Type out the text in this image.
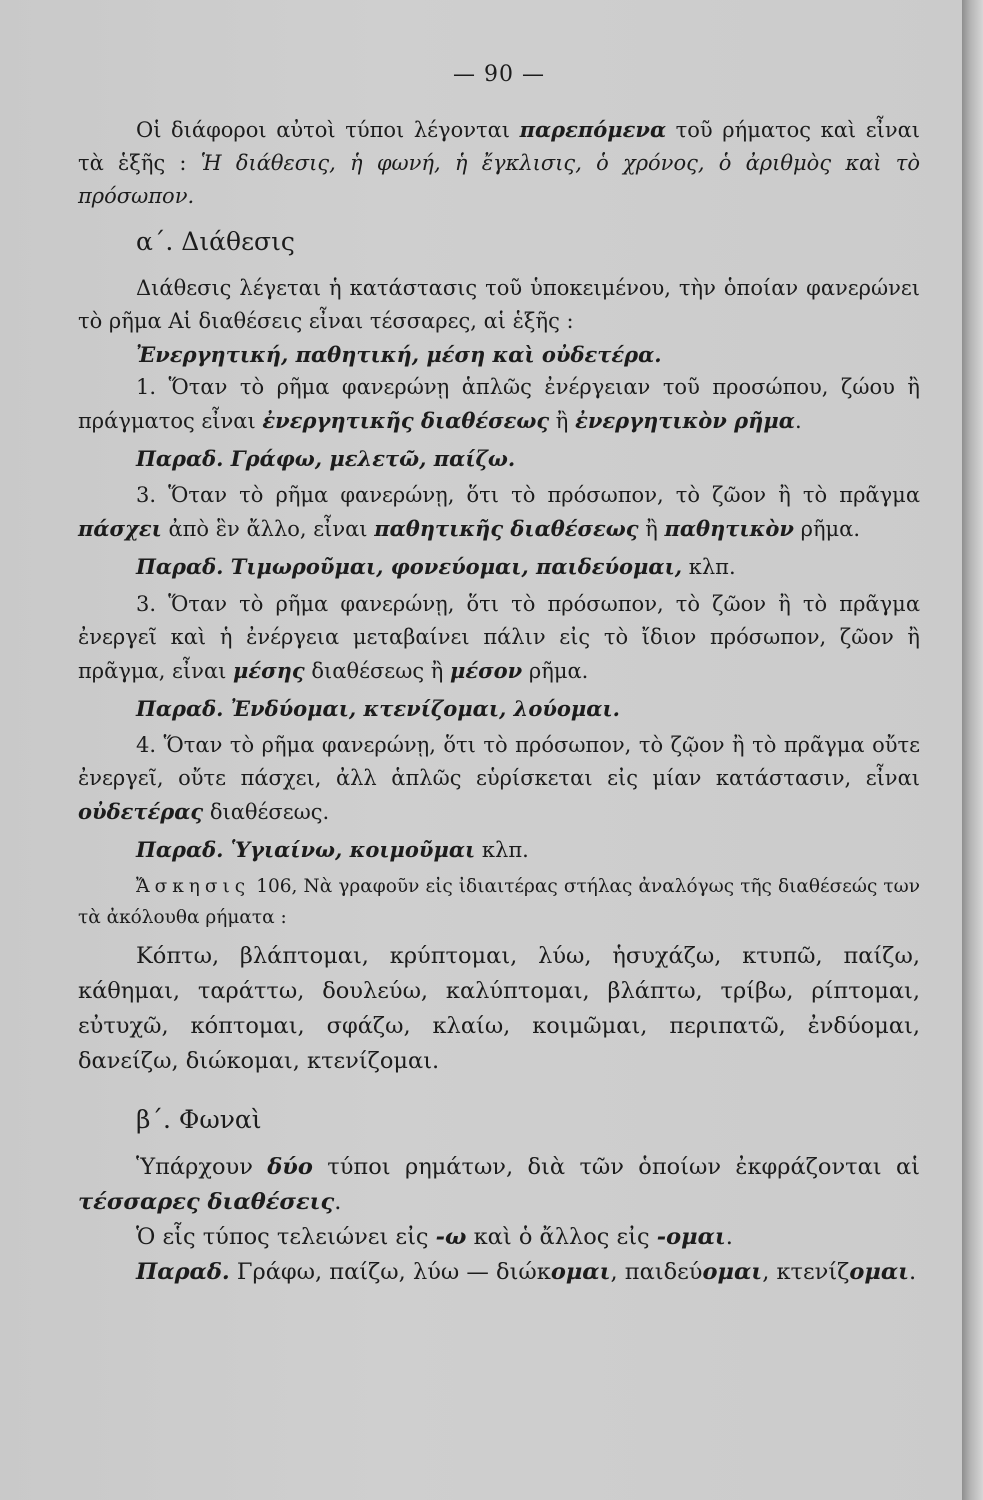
— 90 —

Οἱ διάφοροι αὐτοὶ τύποι λέγονται παρεπόμενα τοῦ ρήματος καὶ εἶναι τὰ ἑξῆς : Ἡ διάθεσις, ἡ φωνή, ἡ ἔγκλισις, ὁ χρόνος, ὁ ἀριθμὸς καὶ τὸ πρόσωπον.

α΄. Διάθεσις

Διάθεσις λέγεται ἡ κατάστασις τοῦ ὑποκειμένου, τὴν ὁποίαν φανερώνει τὸ ρῆμα Αἱ διαθέσεις εἶναι τέσσαρες, αἱ ἑξῆς :

Ἐνεργητική, παθητική, μέση καὶ οὐδετέρα.

1. Ὅταν τὸ ρῆμα φανερώνῃ ἁπλῶς ἐνέργειαν τοῦ προσώπου, ζώου ἢ πράγματος εἶναι ἐνεργητικῆς διαθέσεως ἢ ἐνεργητικὸν ρῆμα.

Παραδ. Γράφω, μελετῶ, παίζω.

3. Ὅταν τὸ ρῆμα φανερώνῃ, ὅτι τὸ πρόσωπον, τὸ ζῶον ἢ τὸ πρᾶγμα πάσχει ἀπὸ ἓν ἄλλο, εἶναι παθητικῆς διαθέσεως ἢ παθητικὸν ρῆμα.

Παραδ. Τιμωροῦμαι, φονεύομαι, παιδεύομαι, κλπ.

3. Ὅταν τὸ ρῆμα φανερώνῃ, ὅτι τὸ πρόσωπον, τὸ ζῶον ἢ τὸ πρᾶγμα ἐνεργεῖ καὶ ἡ ἐνέργεια μεταβαίνει πάλιν εἰς τὸ ἴδιον πρόσωπον, ζῶον ἢ πρᾶγμα, εἶναι μέσης διαθέσεως ἢ μέσον ρῆμα.

Παραδ. Ἐνδύομαι, κτενίζομαι, λούομαι.

4. Ὅταν τὸ ρῆμα φανερώνῃ, ὅτι τὸ πρόσωπον, τὸ ζῷον ἢ τὸ πρᾶγμα οὔτε ἐνεργεῖ, οὔτε πάσχει, ἀλλ ἁπλῶς εὑρίσκεται εἰς μίαν κατάστασιν, εἶναι οὐδετέρας διαθέσεως.

Παραδ. Ὑγιαίνω, κοιμοῦμαι κλπ.

Ἄσκησις 106, Νὰ γραφοῦν εἰς ἰδιαιτέρας στήλας ἀναλόγως τῆς διαθέσεώς των τὰ ἀκόλουθα ρήματα :

Κόπτω, βλάπτομαι, κρύπτομαι, λύω, ἡσυχάζω, κτυπῶ, παίζω, κάθημαι, ταράττω, δουλεύω, καλύπτομαι, βλάπτω, τρίβω, ρίπτομαι, εὐτυχῶ, κόπτομαι, σφάζω, κλαίω, κοιμῶμαι, περιπατῶ, ἐνδύομαι, δανείζω, διώκομαι, κτενίζομαι.

β΄. Φωναὶ

Ὑπάρχουν δύο τύποι ρημάτων, διὰ τῶν ὁποίων ἐκφράζονται αἱ τέσσαρες διαθέσεις.

Ὁ εἷς τύπος τελειώνει εἰς -ω καὶ ὁ ἄλλος εἰς -ομαι.

Παραδ. Γράφω, παίζω, λύω — διώκομαι, παιδεύομαι, κτενίζομαι.
